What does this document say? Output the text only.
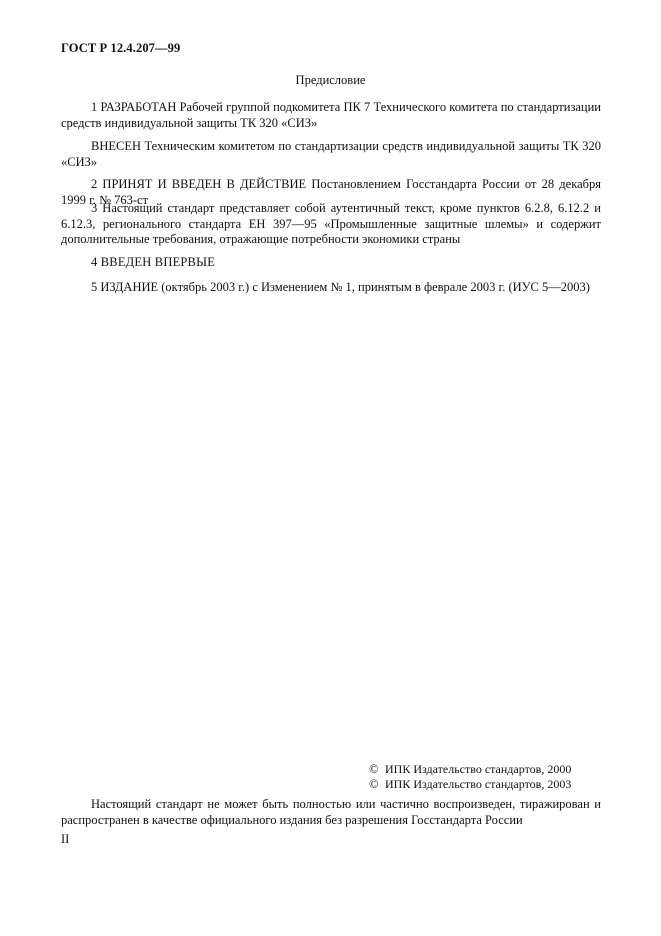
ГОСТ Р 12.4.207—99
Предисловие

1 РАЗРАБОТАН Рабочей группой подкомитета ПК 7 Технического комитета по стандартизации средств индивидуальной защиты ТК 320 «СИЗ»

ВНЕСЕН Техническим комитетом по стандартизации средств индивидуальной защиты ТК 320 «СИЗ»

2 ПРИНЯТ И ВВЕДЕН В ДЕЙСТВИЕ Постановлением Госстандарта России от 28 декабря 1999 г. № 763-ст

3 Настоящий стандарт представляет собой аутентичный текст, кроме пунктов 6.2.8, 6.12.2 и 6.12.3, регионального стандарта ЕН 397—95 «Промышленные защитные шлемы» и содержит дополнительные требования, отражающие потребности экономики страны

4 ВВЕДЕН ВПЕРВЫЕ

5 ИЗДАНИЕ (октябрь 2003 г.) с Изменением № 1, принятым в феврале 2003 г. (ИУС 5—2003)

© ИПК Издательство стандартов, 2000
© ИПК Издательство стандартов, 2003

Настоящий стандарт не может быть полностью или частично воспроизведен, тиражирован и распространен в качестве официального издания без разрешения Госстандарта России

II
